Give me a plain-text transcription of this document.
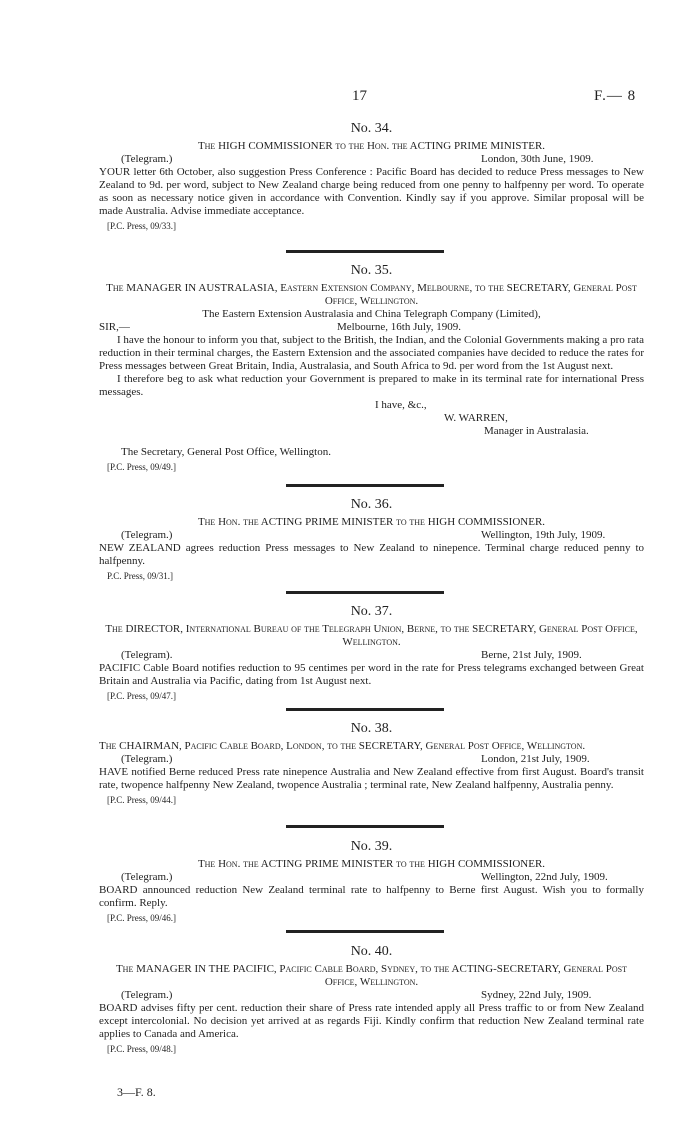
17	F.— 8
No. 34.

The HIGH COMMISSIONER to the Hon. the ACTING PRIME MINISTER.

(Telegram.)	London, 30th June, 1909.

YOUR letter 6th October, also suggestion Press Conference : Pacific Board has decided to reduce Press messages to New Zealand to 9d. per word, subject to New Zealand charge being reduced from one penny to halfpenny per word. To operate as soon as necessary notice given in accordance with Convention. Kindly say if you approve. Similar proposal will be made Australia. Advise immediate acceptance.

[P.C. Press, 09/33.]

No. 35.

The MANAGER IN AUSTRALASIA, Eastern Extension Company, Melbourne, to the SECRETARY, General Post Office, Wellington.

The Eastern Extension Australasia and China Telegraph Company (Limited),

SIR,—	Melbourne, 16th July, 1909.

I have the honour to inform you that, subject to the British, the Indian, and the Colonial Governments making a pro rata reduction in their terminal charges, the Eastern Extension and the associated companies have decided to reduce the rates for Press messages between Great Britain, India, Australasia, and South Africa to 9d. per word from the 1st August next.

I therefore beg to ask what reduction your Government is prepared to make in its terminal rate for international Press messages.

I have, &c.,

W. WARREN,

Manager in Australasia.

The Secretary, General Post Office, Wellington.

[P.C. Press, 09/49.]

No. 36.

The Hon. the ACTING PRIME MINISTER to the HIGH COMMISSIONER.

(Telegram.)	Wellington, 19th July, 1909.

NEW ZEALAND agrees reduction Press messages to New Zealand to ninepence. Terminal charge reduced penny to halfpenny.

P.C. Press, 09/31.]

No. 37.

The DIRECTOR, International Bureau of the Telegraph Union, Berne, to the SECRETARY, General Post Office, Wellington.

(Telegram).	Berne, 21st July, 1909.

PACIFIC Cable Board notifies reduction to 95 centimes per word in the rate for Press telegrams exchanged between Great Britain and Australia via Pacific, dating from 1st August next.

[P.C. Press, 09/47.]

No. 38.

The CHAIRMAN, Pacific Cable Board, London, to the SECRETARY, General Post Office, Wellington.

(Telegram.)	London, 21st July, 1909.

HAVE notified Berne reduced Press rate ninepence Australia and New Zealand effective from first August. Board's transit rate, twopence halfpenny New Zealand, twopence Australia ; terminal rate, New Zealand halfpenny, Australia penny.

[P.C. Press, 09/44.]

No. 39.

The Hon. the ACTING PRIME MINISTER to the HIGH COMMISSIONER.

(Telegram.)	Wellington, 22nd July, 1909.

BOARD announced reduction New Zealand terminal rate to halfpenny to Berne first August. Wish you to formally confirm. Reply.

[P.C. Press, 09/46.]

No. 40.

The MANAGER IN THE PACIFIC, Pacific Cable Board, Sydney, to the ACTING-SECRETARY, General Post Office, Wellington.

(Telegram.)	Sydney, 22nd July, 1909.

BOARD advises fifty per cent. reduction their share of Press rate intended apply all Press traffic to or from New Zealand except intercolonial. No decision yet arrived at as regards Fiji. Kindly confirm that reduction New Zealand terminal rate applies to Canada and America.

[P.C. Press, 09/48.]

3—F. 8.
